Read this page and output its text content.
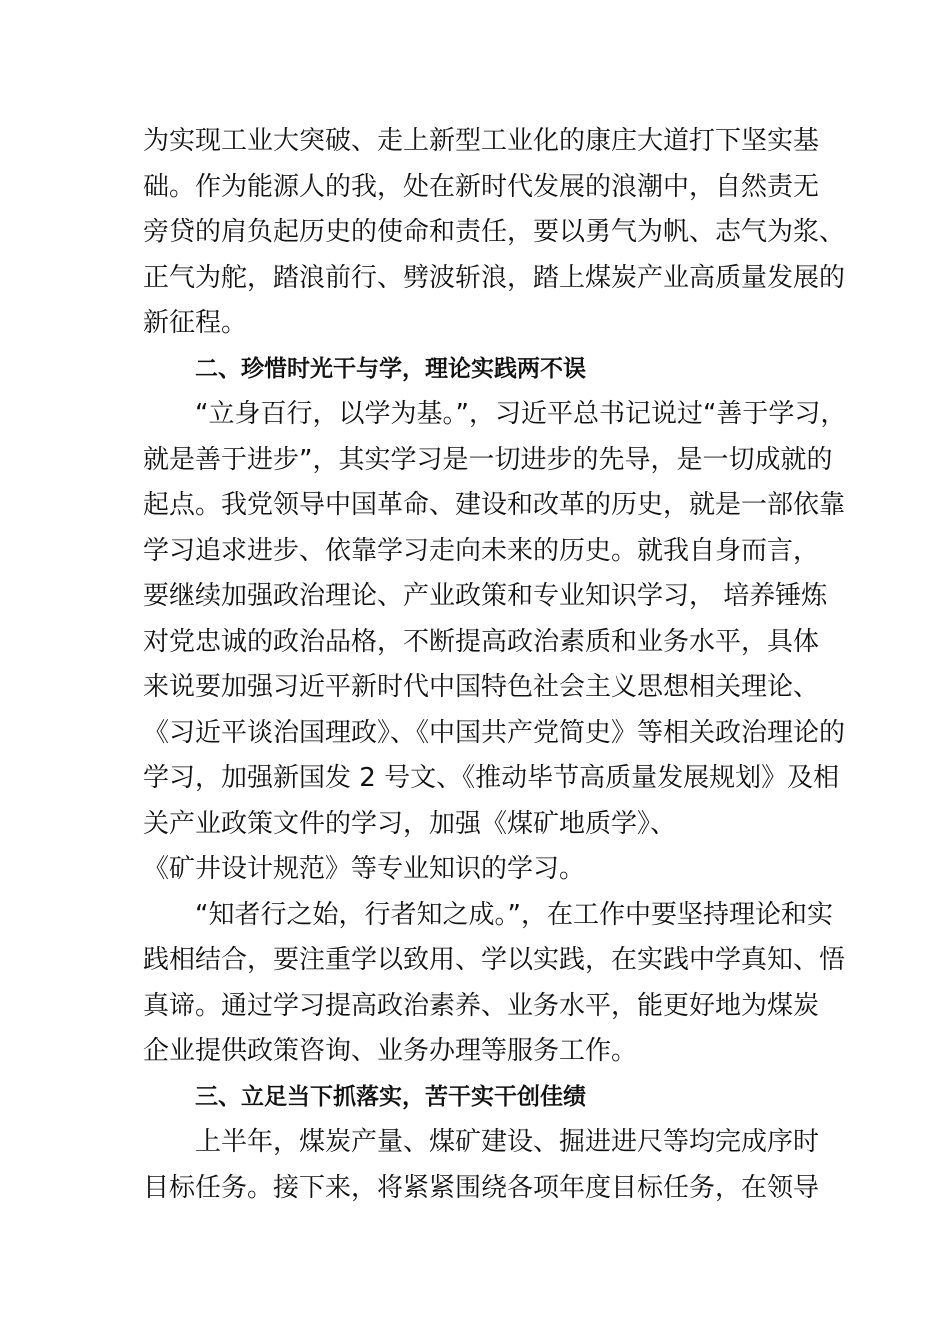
为实现工业大突破、走上新型工业化的康庄大道打下坚实基
础。作为能源人的我，处在新时代发展的浪潮中，自然责无
旁贷的肩负起历史的使命和责任，要以勇气为帆、志气为浆、
正气为舵，踏浪前行、劈波斩浪，踏上煤炭产业高质量发展的
新征程。
二、珍惜时光干与学，理论实践两不误
“立身百行，以学为基。”，习近平总书记说过“善于学习，
就是善于进步”，其实学习是一切进步的先导，是一切成就的
起点。我党领导中国革命、建设和改革的历史，就是一部依靠
学习追求进步、依靠学习走向未来的历史。就我自身而言，
要继续加强政治理论、产业政策和专业知识学习， 培养锤炼
对党忠诚的政治品格，不断提高政治素质和业务水平，具体
来说要加强习近平新时代中国特色社会主义思想相关理论、
《习近平谈治国理政》、《中国共产党简史》等相关政治理论的
学习，加强新国发 2 号文、《推动毕节高质量发展规划》及相
关产业政策文件的学习，加强《煤矿地质学》、
《矿井设计规范》等专业知识的学习。
“知者行之始，行者知之成。”，在工作中要坚持理论和实
践相结合，要注重学以致用、学以实践，在实践中学真知、悟
真谛。通过学习提高政治素养、业务水平，能更好地为煤炭
企业提供政策咨询、业务办理等服务工作。
三、立足当下抓落实，苦干实干创佳绩
上半年，煤炭产量、煤矿建设、掘进进尺等均完成序时
目标任务。接下来，将紧紧围绕各项年度目标任务，在领导
